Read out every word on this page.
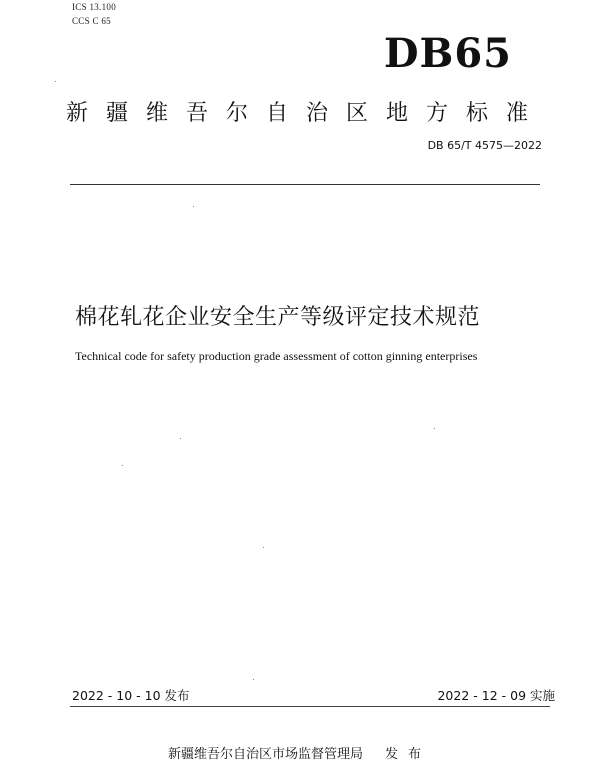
ICS 13.100
CCS C 65
DB65
新疆维吾尔自治区地方标准
DB 65/T 4575—2022
棉花轧花企业安全生产等级评定技术规范
Technical code for safety production grade assessment of cotton ginning enterprises
2022 - 10 - 10 发布	2022 - 12 - 09 实施
新疆维吾尔自治区市场监督管理局 发布
